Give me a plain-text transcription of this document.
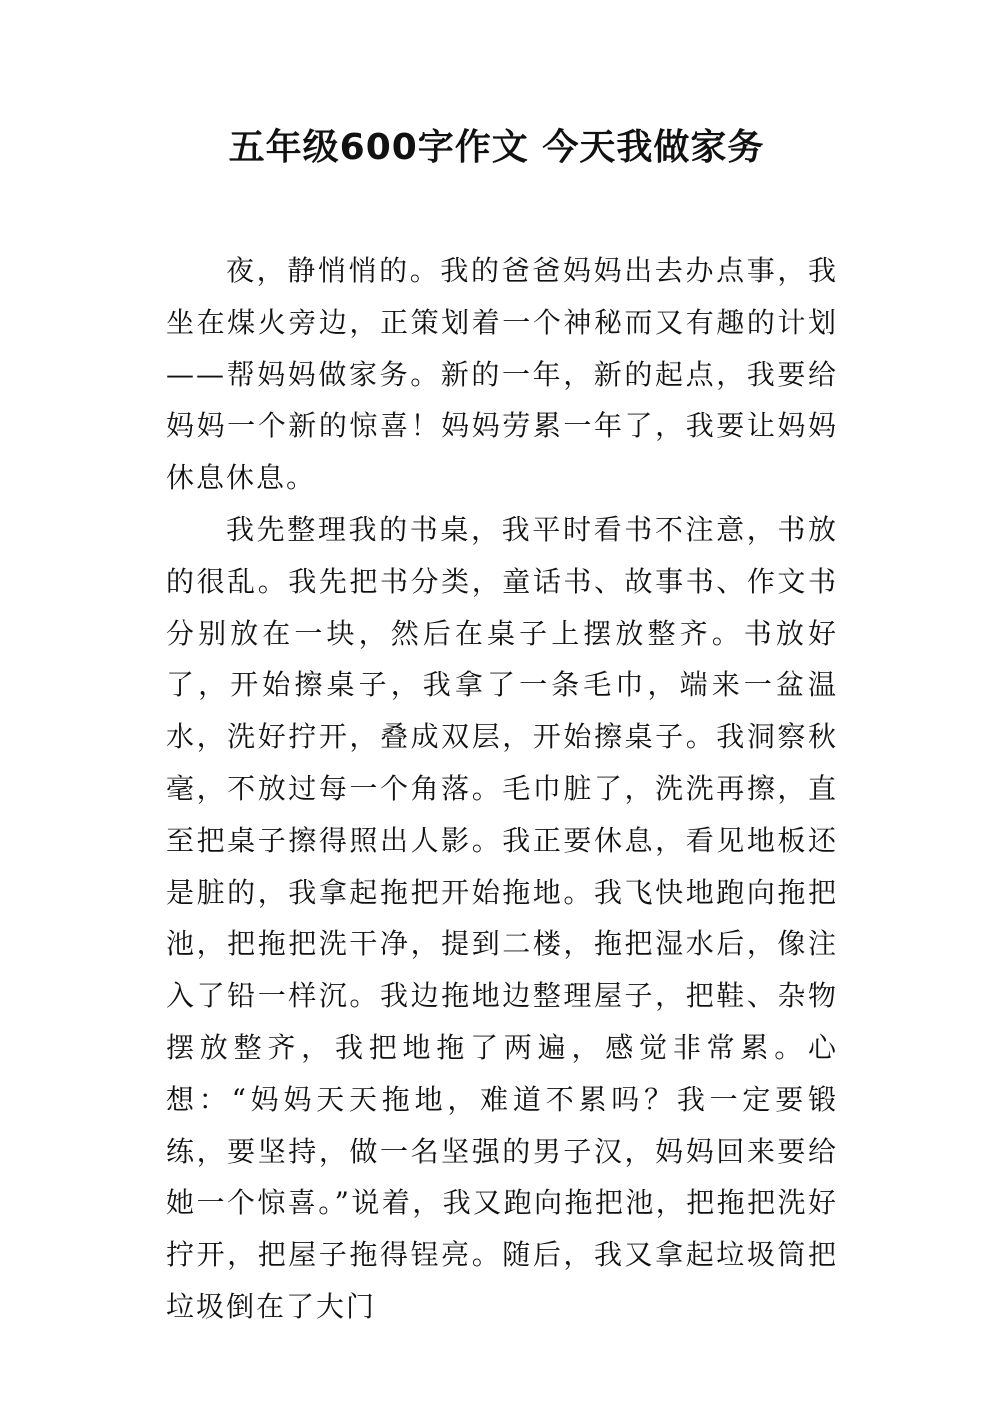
五年级600字作文 今天我做家务

夜，静悄悄的。我的爸爸妈妈出去办点事，我坐在煤火旁边，正策划着一个神秘而又有趣的计划——帮妈妈做家务。新的一年，新的起点，我要给妈妈一个新的惊喜！妈妈劳累一年了，我要让妈妈休息休息。

我先整理我的书桌，我平时看书不注意，书放的很乱。我先把书分类，童话书、故事书、作文书分别放在一块，然后在桌子上摆放整齐。书放好了，开始擦桌子，我拿了一条毛巾，端来一盆温水，洗好拧开，叠成双层，开始擦桌子。我洞察秋毫，不放过每一个角落。毛巾脏了，洗洗再擦，直至把桌子擦得照出人影。我正要休息，看见地板还是脏的，我拿起拖把开始拖地。我飞快地跑向拖把池，把拖把洗干净，提到二楼，拖把湿水后，像注入了铅一样沉。我边拖地边整理屋子，把鞋、杂物摆放整齐，我把地拖了两遍，感觉非常累。心想：“妈妈天天拖地，难道不累吗？我一定要锻练，要坚持，做一名坚强的男子汉，妈妈回来要给她一个惊喜。”说着，我又跑向拖把池，把拖把洗好拧开，把屋子拖得锃亮。随后，我又拿起垃圾筒把垃圾倒在了大门
